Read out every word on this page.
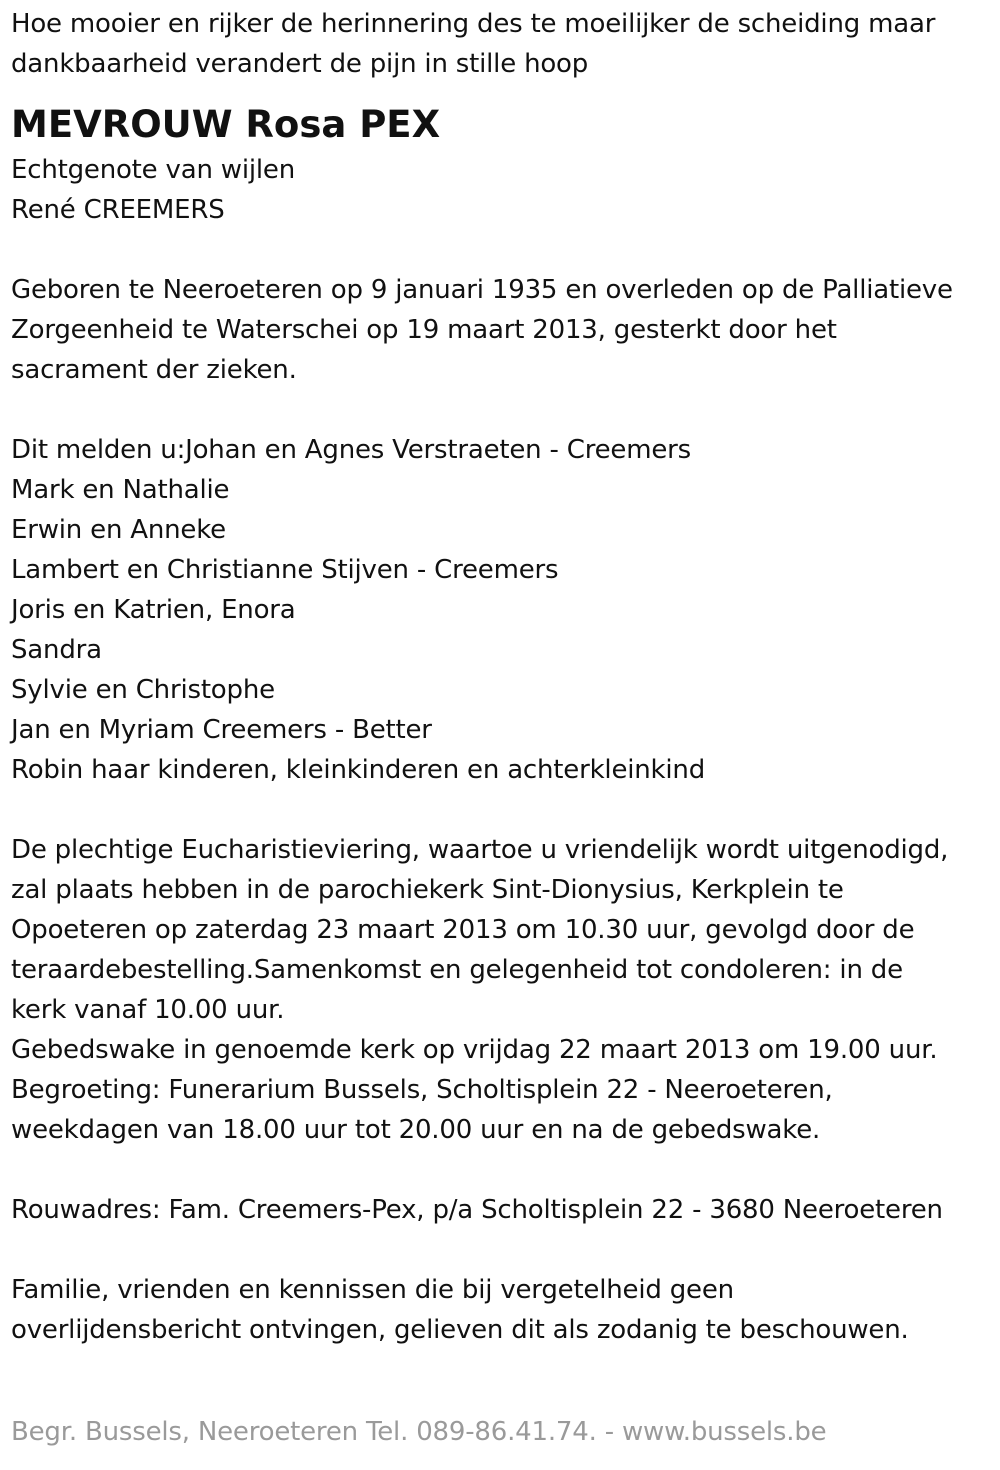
Hoe mooier en rijker de herinnering des te moeilijker de scheiding maar
dankbaarheid verandert de pijn in stille hoop
MEVROUW Rosa PEX
Echtgenote van wijlen
René CREEMERS
Geboren te Neeroeteren op 9 januari 1935 en overleden op de Palliatieve
Zorgeenheid te Waterschei op 19 maart 2013, gesterkt door het
sacrament der zieken.
Dit melden u:Johan en Agnes Verstraeten - Creemers
Mark en Nathalie
Erwin en Anneke
Lambert en Christianne Stijven - Creemers
Joris en Katrien, Enora
Sandra
Sylvie en Christophe
Jan en Myriam Creemers - Better
Robin haar kinderen, kleinkinderen en achterkleinkind
De plechtige Eucharistieviering, waartoe u vriendelijk wordt uitgenodigd,
zal plaats hebben in de parochiekerk Sint-Dionysius, Kerkplein te
Opoeteren op zaterdag 23 maart 2013 om 10.30 uur, gevolgd door de
teraardebestelling.Samenkomst en gelegenheid tot condoleren: in de
kerk vanaf 10.00 uur.
Gebedswake in genoemde kerk op vrijdag 22 maart 2013 om 19.00 uur.
Begroeting: Funerarium Bussels, Scholtisplein 22 - Neeroeteren,
weekdagen van 18.00 uur tot 20.00 uur en na de gebedswake.
Rouwadres: Fam. Creemers-Pex, p/a Scholtisplein 22 - 3680 Neeroeteren
Familie, vrienden en kennissen die bij vergetelheid geen
overlijdensbericht ontvingen, gelieven dit als zodanig te beschouwen.
Begr. Bussels, Neeroeteren Tel. 089-86.41.74. - www.bussels.be
